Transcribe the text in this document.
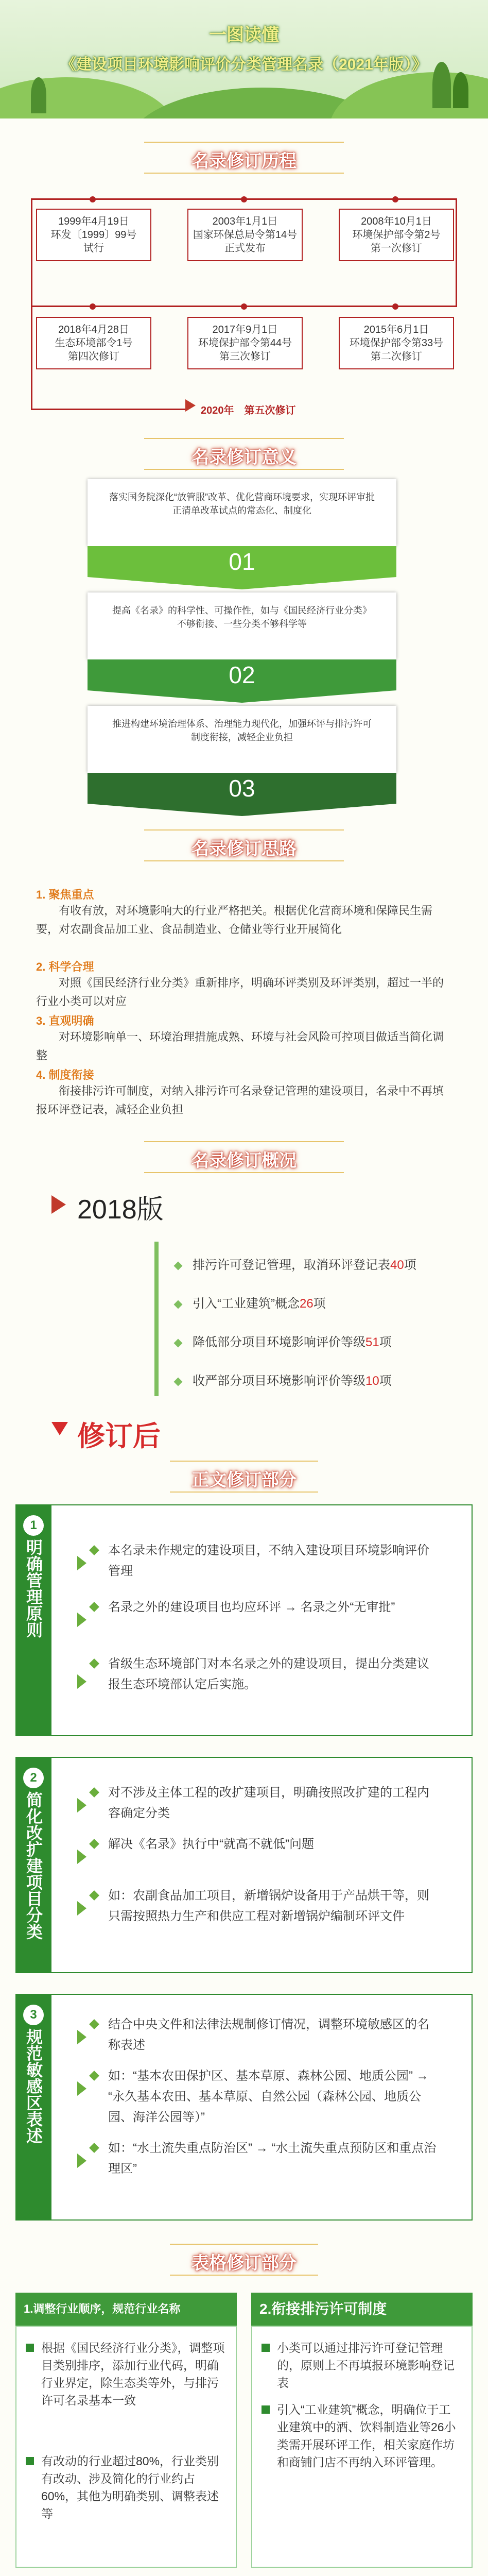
一图读懂
《建设项目环境影响评价分类管理名录（2021年版）》
名录修订历程
1999年4月19日
环发〔1999〕99号
试行
2003年1月1日
国家环保总局令第14号
正式发布
2008年10月1日
环境保护部令第2号
第一次修订
2018年4月28日
生态环境部令1号
第四次修订
2017年9月1日
环境保护部令第44号
第三次修订
2015年6月1日
环境保护部令第33号
第二次修订
2020年　第五次修订
名录修订意义
落实国务院深化“放管服”改革、优化营商环境要求，实现环评审批正清单改革试点的常态化、制度化
01
提高《名录》的科学性、可操作性，如与《国民经济行业分类》不够衔接、一些分类不够科学等
02
推进构建环境治理体系、治理能力现代化，加强环评与排污许可制度衔接，减轻企业负担
03
名录修订思路
1. 聚焦重点
有收有放，对环境影响大的行业严格把关。根据优化营商环境和保障民生需要，对农副食品加工业、食品制造业、仓储业等行业开展简化
2. 科学合理
对照《国民经济行业分类》重新排序，明确环评类别及环评类别，超过一半的行业小类可以对应
3. 直观明确
对环境影响单一、环境治理措施成熟、环境与社会风险可控项目做适当简化调整
4. 制度衔接
衔接排污许可制度，对纳入排污许可名录登记管理的建设项目，名录中不再填报环评登记表，减轻企业负担
名录修订概况
2018版
排污许可登记管理，取消环评登记表40项
引入“工业建筑”概念26项
降低部分项目环境影响评价等级51项
收严部分项目环境影响评价等级10项
修订后
正文修订部分
1
明确管理原则	本名录未作规定的建设项目，不纳入建设项目环境影响评价管理
名录之外的建设项目也均应环评 → 名录之外“无审批”
省级生态环境部门对本名录之外的建设项目，提出分类建议报生态环境部认定后实施。
2
简化改扩建项目分类	对不涉及主体工程的改扩建项目，明确按照改扩建的工程内容确定分类
解决《名录》执行中“就高不就低”问题
如：农副食品加工项目，新增锅炉设备用于产品烘干等，则只需按照热力生产和供应工程对新增锅炉编制环评文件
3
规范敏感区表述
结合中央文件和法律法规制修订情况，调整环境敏感区的名称表述
如：“基本农田保护区、基本草原、森林公园、地质公园” → “永久基本农田、基本草原、自然公园（森林公园、地质公园、海洋公园等）”
如：“水土流失重点防治区” → “水土流失重点预防区和重点治理区”
表格修订部分
1.调整行业顺序，规范行业名称
根据《国民经济行业分类》，调整项目类别排序，添加行业代码，明确行业界定，除生态类等外，与排污许可名录基本一致
有改动的行业超过80%，行业类别有改动、涉及简化的行业约占60%，其他为明确类别、调整表述等
2.衔接排污许可制度
小类可以通过排污许可登记管理的，原则上不再填报环境影响登记表
引入“工业建筑”概念，明确位于工业建筑中的酒、饮料制造业等26小类需开展环评工作，相关家庭作坊和商铺门店不再纳入环评管理。
